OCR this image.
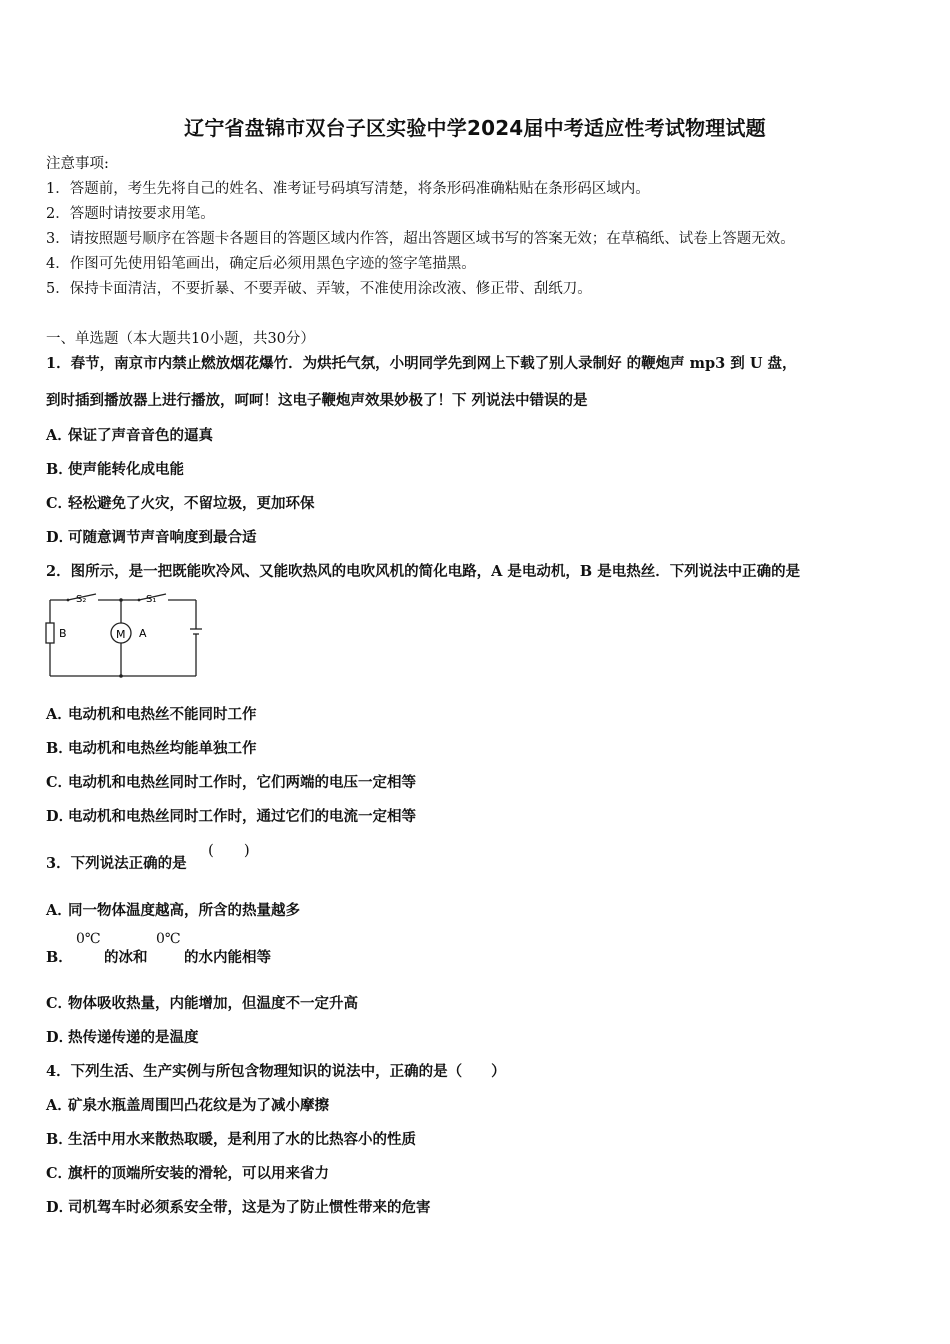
辽宁省盘锦市双台子区实验中学2024届中考适应性考试物理试题
注意事项:
1．答题前，考生先将自己的姓名、准考证号码填写清楚，将条形码准确粘贴在条形码区域内。
2．答题时请按要求用笔。
3．请按照题号顺序在答题卡各题目的答题区域内作答，超出答题区域书写的答案无效；在草稿纸、试卷上答题无效。
4．作图可先使用铅笔画出，确定后必须用黑色字迹的签字笔描黑。
5．保持卡面清洁，不要折暴、不要弄破、弄皱，不准使用涂改液、修正带、刮纸刀。
一、单选题（本大题共10小题，共30分）
1．春节，南京市内禁止燃放烟花爆竹．为烘托气氛，小明同学先到网上下载了别人录制好 的鞭炮声 mp3 到 U 盘，
到时插到播放器上进行播放，呵呵！这电子鞭炮声效果妙极了！下 列说法中错误的是
A．保证了声音音色的逼真
B．使声能转化成电能
C．轻松避免了火灾，不留垃圾，更加环保
D．可随意调节声音响度到最合适
2．图所示，是一把既能吹冷风、又能吹热风的电吹风机的简化电路，A 是电动机，B 是电热丝．下列说法中正确的是
S₂	S₁
B	M A
A．电动机和电热丝不能同时工作
B．电动机和电热丝均能单独工作
C．电动机和电热丝同时工作时，它们两端的电压一定相等
D．电动机和电热丝同时工作时，通过它们的电流一定相等
3．下列说法正确的是
(　　)
A．同一物体温度越高，所含的热量越多
B．
0℃
的冰和
0℃
的水内能相等
C．物体吸收热量，内能增加，但温度不一定升高
D．热传递传递的是温度
4．下列生活、生产实例与所包含物理知识的说法中，正确的是（　　）
A．矿泉水瓶盖周围凹凸花纹是为了减小摩擦
B．生活中用水来散热取暖，是利用了水的比热容小的性质
C．旗杆的顶端所安装的滑轮，可以用来省力
D．司机驾车时必须系安全带，这是为了防止惯性带来的危害
